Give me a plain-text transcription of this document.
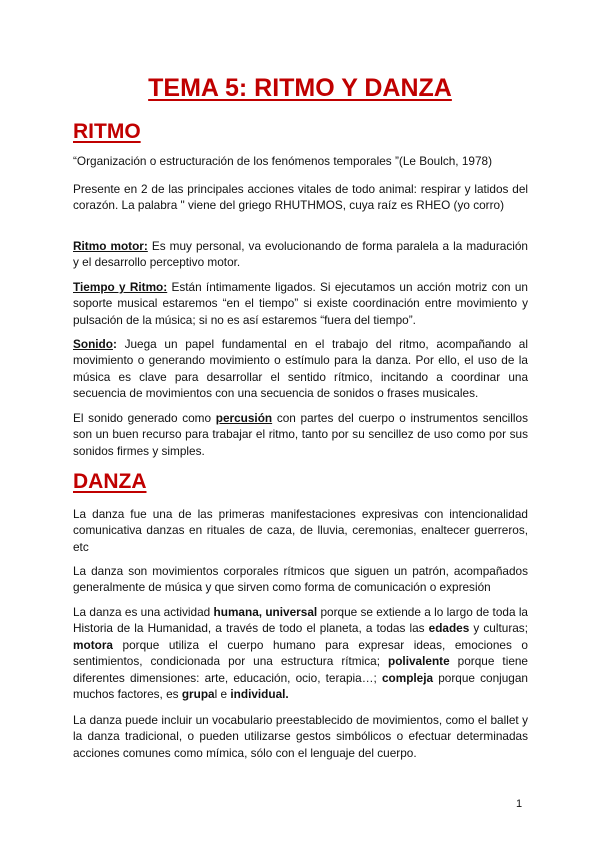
TEMA 5: RITMO Y DANZA
RITMO

“Organización o estructuración de los fenómenos temporales ”(Le Boulch, 1978)

Presente en 2 de las principales acciones vitales de todo animal: respirar y latidos del corazón. La palabra " viene del griego RHUTHMOS, cuya raíz es RHEO (yo corro)

Ritmo motor: Es muy personal, va evolucionando de forma paralela a la maduración y el desarrollo perceptivo motor.

Tiempo y Ritmo: Están íntimamente ligados. Si ejecutamos un acción motriz con un soporte musical estaremos “en el tiempo” si existe coordinación entre movimiento y pulsación de la música; si no es así estaremos “fuera del tiempo”.

Sonido: Juega un papel fundamental en el trabajo del ritmo, acompañando al movimiento o generando movimiento o estímulo para la danza. Por ello, el uso de la música es clave para desarrollar el sentido rítmico, incitando a coordinar una secuencia de movimientos con una secuencia de sonidos o frases musicales.

El sonido generado como percusión con partes del cuerpo o instrumentos sencillos son un buen recurso para trabajar el ritmo, tanto por su sencillez de uso como por sus sonidos firmes y simples.

DANZA

La danza fue una de las primeras manifestaciones expresivas con intencionalidad comunicativa danzas en rituales de caza, de lluvia, ceremonias, enaltecer guerreros, etc

La danza son movimientos corporales rítmicos que siguen un patrón, acompañados generalmente de música y que sirven como forma de comunicación o expresión

La danza es una actividad humana, universal porque se extiende a lo largo de toda la Historia de la Humanidad, a través de todo el planeta, a todas las edades y culturas; motora porque utiliza el cuerpo humano para expresar ideas, emociones o sentimientos, condicionada por una estructura rítmica; polivalente porque tiene diferentes dimensiones: arte, educación, ocio, terapia…; compleja porque conjugan muchos factores, es grupal e individual.

La danza puede incluir un vocabulario preestablecido de movimientos, como el ballet y la danza tradicional, o pueden utilizarse gestos simbólicos o efectuar determinadas acciones comunes como mímica, sólo con el lenguaje del cuerpo.

1
